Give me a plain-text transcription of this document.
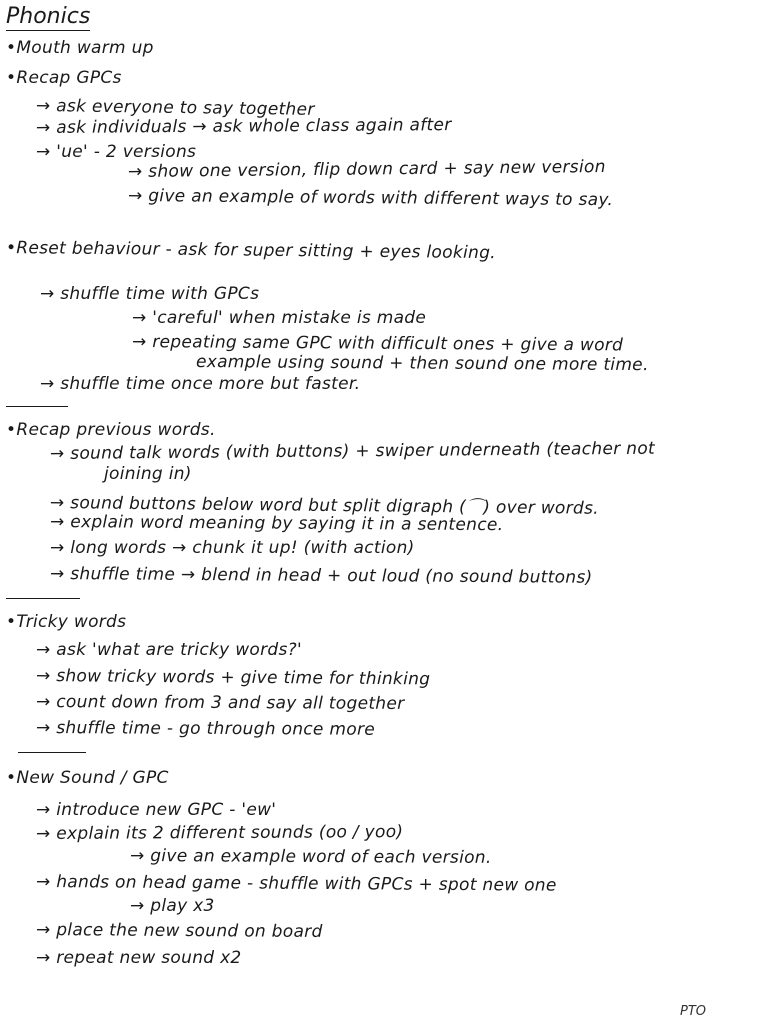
Phonics
•Mouth warm up
•Recap GPCs
→ ask everyone to say together
→ ask individuals → ask whole class again after
→ 'ue' - 2 versions
→ show one version, flip down card + say new version
→ give an example of words with different ways to say.
•Reset behaviour - ask for super sitting + eyes looking.
→ shuffle time with GPCs
→ 'careful' when mistake is made
→ repeating same GPC with difficult ones + give a word
example using sound + then sound one more time.
→ shuffle time once more but faster.
•Recap previous words.
→ sound talk words (with buttons) + swiper underneath (teacher not
joining in)
→ sound buttons below word but split digraph (⌒) over words.
→ explain word meaning by saying it in a sentence.
→ long words → chunk it up! (with action)
→ shuffle time → blend in head + out loud (no sound buttons)
•Tricky words
→ ask 'what are tricky words?'
→ show tricky words + give time for thinking
→ count down from 3 and say all together
→ shuffle time - go through once more
•New Sound / GPC
→ introduce new GPC - 'ew'
→ explain its 2 different sounds (oo / yoo)
→ give an example word of each version.
→ hands on head game - shuffle with GPCs + spot new one
→ play x3
→ place the new sound on board
→ repeat new sound x2
PTO
